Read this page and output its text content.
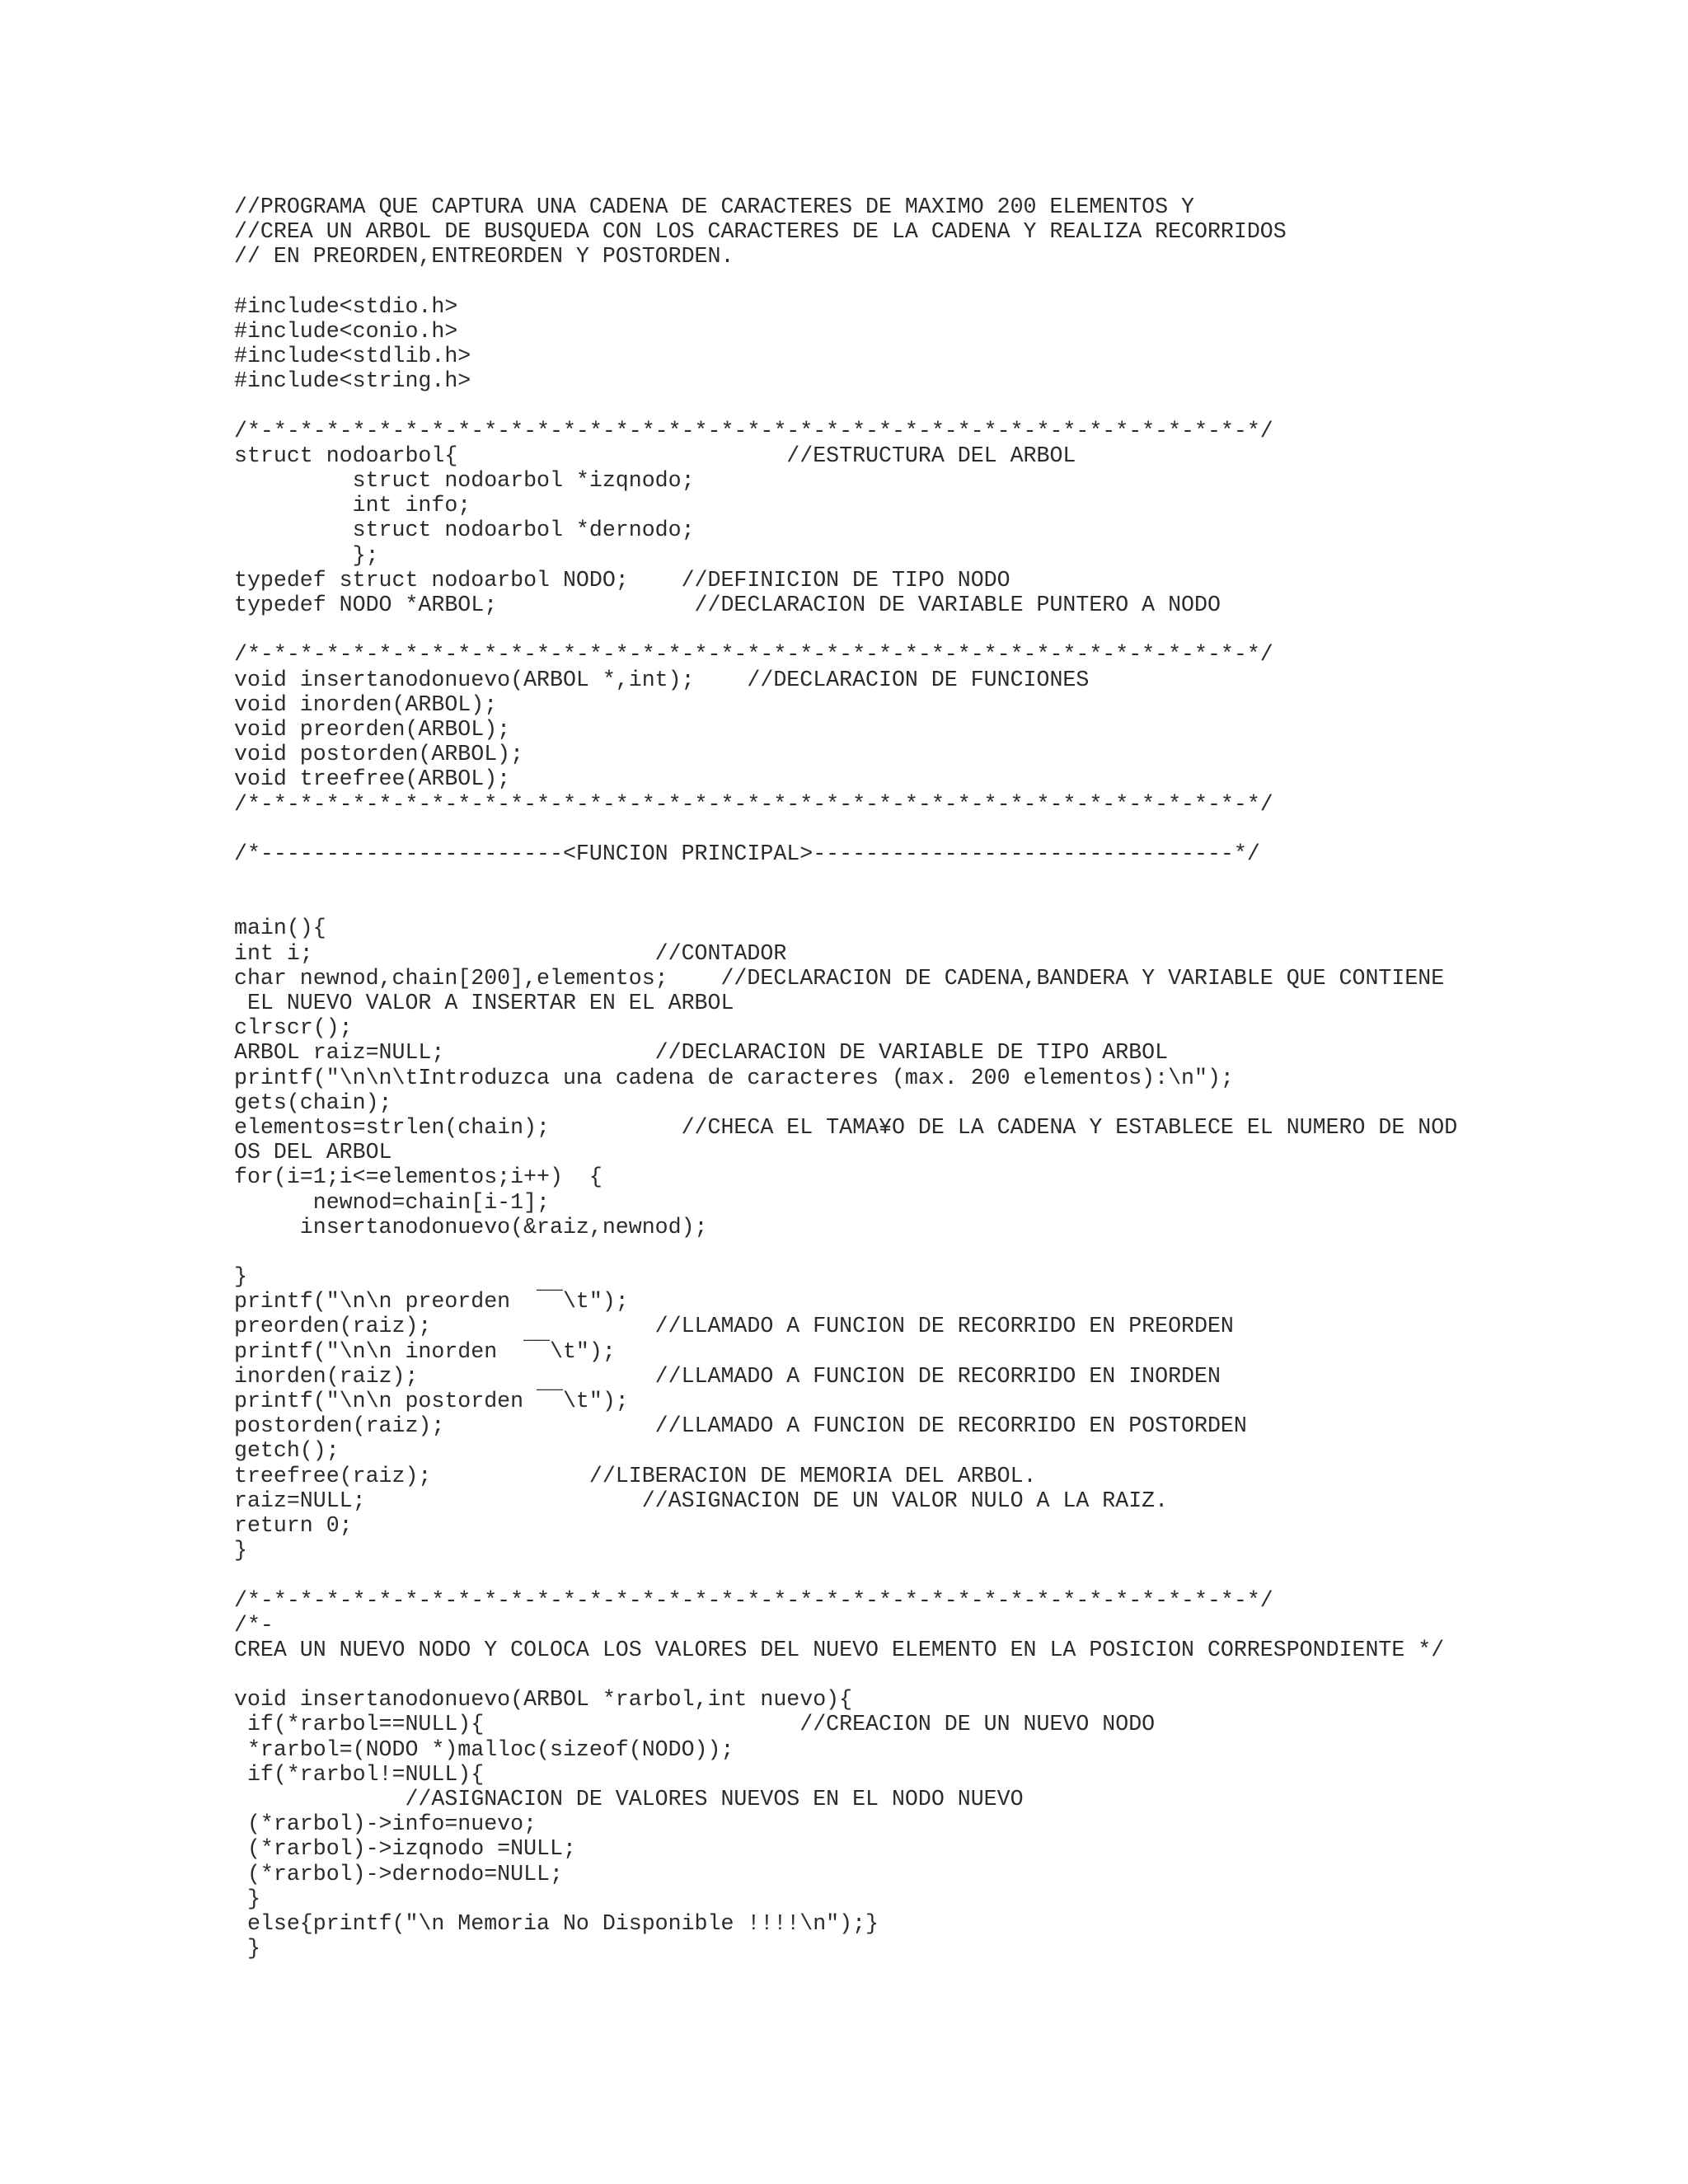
//PROGRAMA QUE CAPTURA UNA CADENA DE CARACTERES DE MAXIMO 200 ELEMENTOS Y
//CREA UN ARBOL DE BUSQUEDA CON LOS CARACTERES DE LA CADENA Y REALIZA RECORRIDOS
// EN PREORDEN,ENTREORDEN Y POSTORDEN.
#include<stdio.h>
#include<conio.h>
#include<stdlib.h>
#include<string.h>
/*-*-*-*-*-*-*-*-*-*-*-*-*-*-*-*-*-*-*-*-*-*-*-*-*-*-*-*-*-*-*-*-*-*-*-*-*-*-*/
struct nodoarbol{                         //ESTRUCTURA DEL ARBOL
struct nodoarbol *izqnodo;
int info;
struct nodoarbol *dernodo;
};
typedef struct nodoarbol NODO;    //DEFINICION DE TIPO NODO
typedef NODO *ARBOL;               //DECLARACION DE VARIABLE PUNTERO A NODO
/*-*-*-*-*-*-*-*-*-*-*-*-*-*-*-*-*-*-*-*-*-*-*-*-*-*-*-*-*-*-*-*-*-*-*-*-*-*-*/
void insertanodonuevo(ARBOL *,int);    //DECLARACION DE FUNCIONES
void inorden(ARBOL);
void preorden(ARBOL);
void postorden(ARBOL);
void treefree(ARBOL);
/*-*-*-*-*-*-*-*-*-*-*-*-*-*-*-*-*-*-*-*-*-*-*-*-*-*-*-*-*-*-*-*-*-*-*-*-*-*-*/
/*-----------------------<FUNCION PRINCIPAL>--------------------------------*/
main(){
int i;                          //CONTADOR
char newnod,chain[200],elementos;    //DECLARACION DE CADENA,BANDERA Y VARIABLE QUE CONTIENE
EL NUEVO VALOR A INSERTAR EN EL ARBOL
clrscr();
ARBOL raiz=NULL;                //DECLARACION DE VARIABLE DE TIPO ARBOL
printf("\n\n\tIntroduzca una cadena de caracteres (max. 200 elementos):\n");
gets(chain);
elementos=strlen(chain);          //CHECA EL TAMA¥O DE LA CADENA Y ESTABLECE EL NUMERO DE NOD
OS DEL ARBOL
for(i=1;i<=elementos;i++)  {
newnod=chain[i-1];
insertanodonuevo(&raiz,newnod);
}
printf("\n\n preorden  ¯¯\t");
preorden(raiz);                 //LLAMADO A FUNCION DE RECORRIDO EN PREORDEN
printf("\n\n inorden  ¯¯\t");
inorden(raiz);                  //LLAMADO A FUNCION DE RECORRIDO EN INORDEN
printf("\n\n postorden ¯¯\t");
postorden(raiz);                //LLAMADO A FUNCION DE RECORRIDO EN POSTORDEN
getch();
treefree(raiz);            //LIBERACION DE MEMORIA DEL ARBOL.
raiz=NULL;                     //ASIGNACION DE UN VALOR NULO A LA RAIZ.
return 0;
}
/*-*-*-*-*-*-*-*-*-*-*-*-*-*-*-*-*-*-*-*-*-*-*-*-*-*-*-*-*-*-*-*-*-*-*-*-*-*-*/
/*-
CREA UN NUEVO NODO Y COLOCA LOS VALORES DEL NUEVO ELEMENTO EN LA POSICION CORRESPONDIENTE */
void insertanodonuevo(ARBOL *rarbol,int nuevo){
if(*rarbol==NULL){                        //CREACION DE UN NUEVO NODO
*rarbol=(NODO *)malloc(sizeof(NODO));
if(*rarbol!=NULL){
//ASIGNACION DE VALORES NUEVOS EN EL NODO NUEVO
(*rarbol)->info=nuevo;
(*rarbol)->izqnodo =NULL;
(*rarbol)->dernodo=NULL;
}
else{printf("\n Memoria No Disponible !!!!\n");}
}
